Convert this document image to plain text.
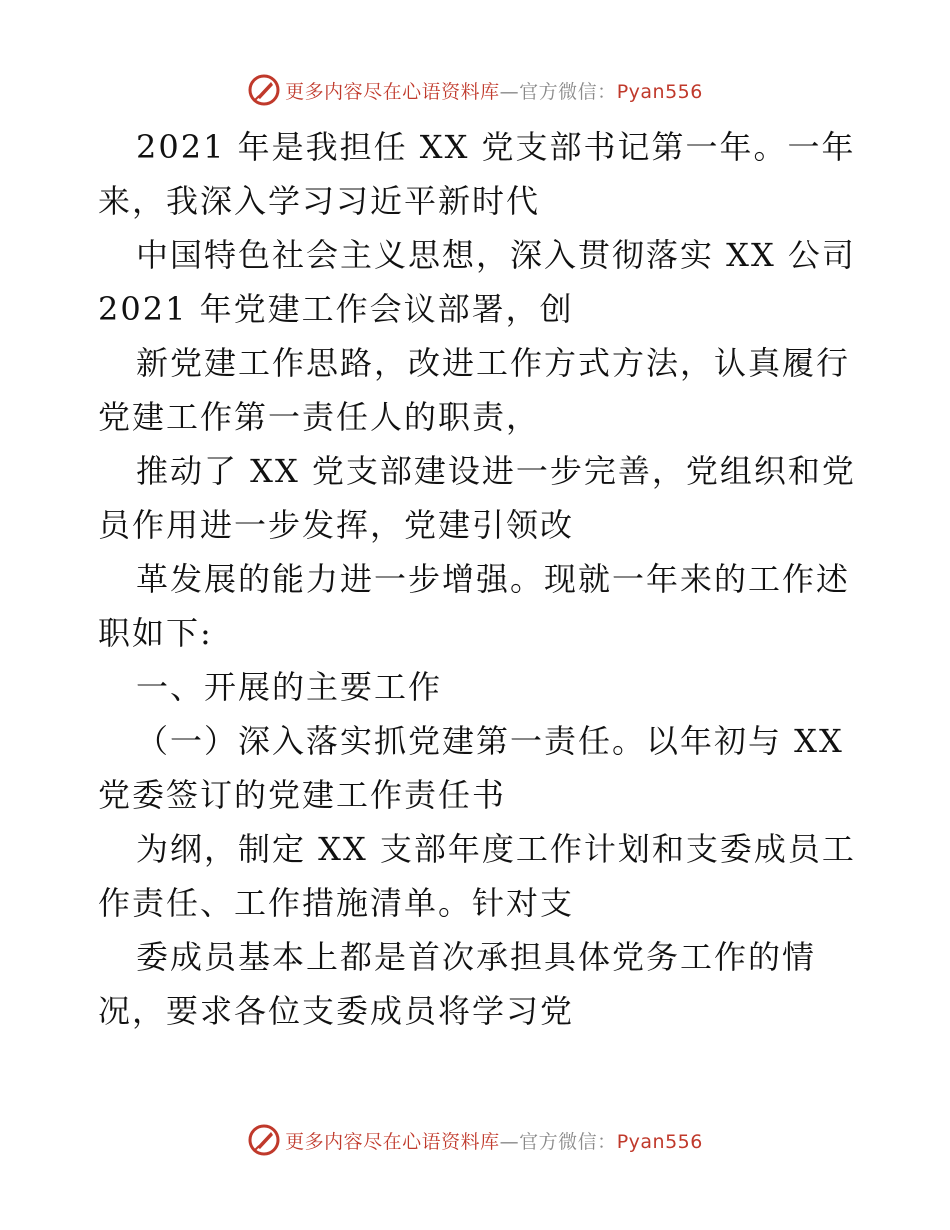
更多内容尽在心语资料库—官方微信：Pyan556
2021 年是我担任 XX 党支部书记第一年。一年
来，我深入学习习近平新时代
中国特色社会主义思想，深入贯彻落实 XX 公司
2021 年党建工作会议部署，创
新党建工作思路，改进工作方式方法，认真履行
党建工作第一责任人的职责，
推动了 XX 党支部建设进一步完善，党组织和党
员作用进一步发挥，党建引领改
革发展的能力进一步增强。现就一年来的工作述
职如下:
一、开展的主要工作
（一）深入落实抓党建第一责任。以年初与 XX
党委签订的党建工作责任书
为纲，制定 XX 支部年度工作计划和支委成员工
作责任、工作措施清单。针对支
委成员基本上都是首次承担具体党务工作的情
况，要求各位支委成员将学习党
更多内容尽在心语资料库—官方微信：Pyan556
